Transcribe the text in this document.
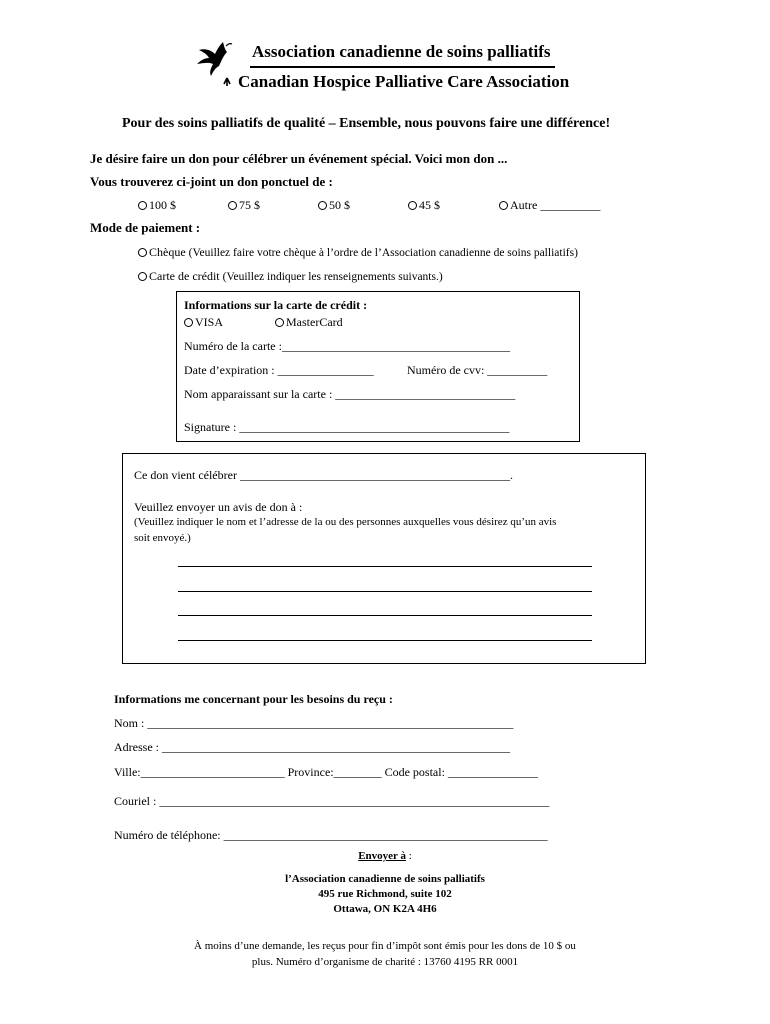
Association canadienne de soins palliatifs
Canadian Hospice Palliative Care Association
Pour des soins palliatifs de qualité – Ensemble, nous pouvons faire une différence!
Je désire faire un don pour célébrer un événement spécial. Voici mon don ...
Vous trouverez ci-joint un don ponctuel de :
100 $	75 $	50 $	45 $	Autre __________
Mode de paiement :
Chèque (Veuillez faire votre chèque à l’ordre de l’Association canadienne de soins palliatifs)
Carte de crédit (Veuillez indiquer les renseignements suivants.)
Informations sur la carte de crédit :
VISA	MasterCard
Numéro de la carte :______________________________________
Date d’expiration : ________________	Numéro de cvv: __________
Nom apparaissant sur la carte : ______________________________
Signature : _____________________________________________
Ce don vient célébrer _____________________________________________.
Veuillez envoyer un avis de don à :
(Veuillez indiquer le nom et l’adresse de la ou des personnes auxquelles vous désirez qu’un avis
soit envoyé.)
Informations me concernant pour les besoins du reçu :
Nom : _____________________________________________________________
Adresse : __________________________________________________________
Ville:________________________ Province:________ Code postal: _______________
Couriel : _________________________________________________________________
Numéro de téléphone: ______________________________________________________
Envoyer à :
l’Association canadienne de soins palliatifs
495 rue Richmond, suite 102
Ottawa, ON K2A 4H6
À moins d’une demande, les reçus pour fin d’impôt sont émis pour les dons de 10 $ ou
plus. Numéro d’organisme de charité : 13760 4195 RR 0001
